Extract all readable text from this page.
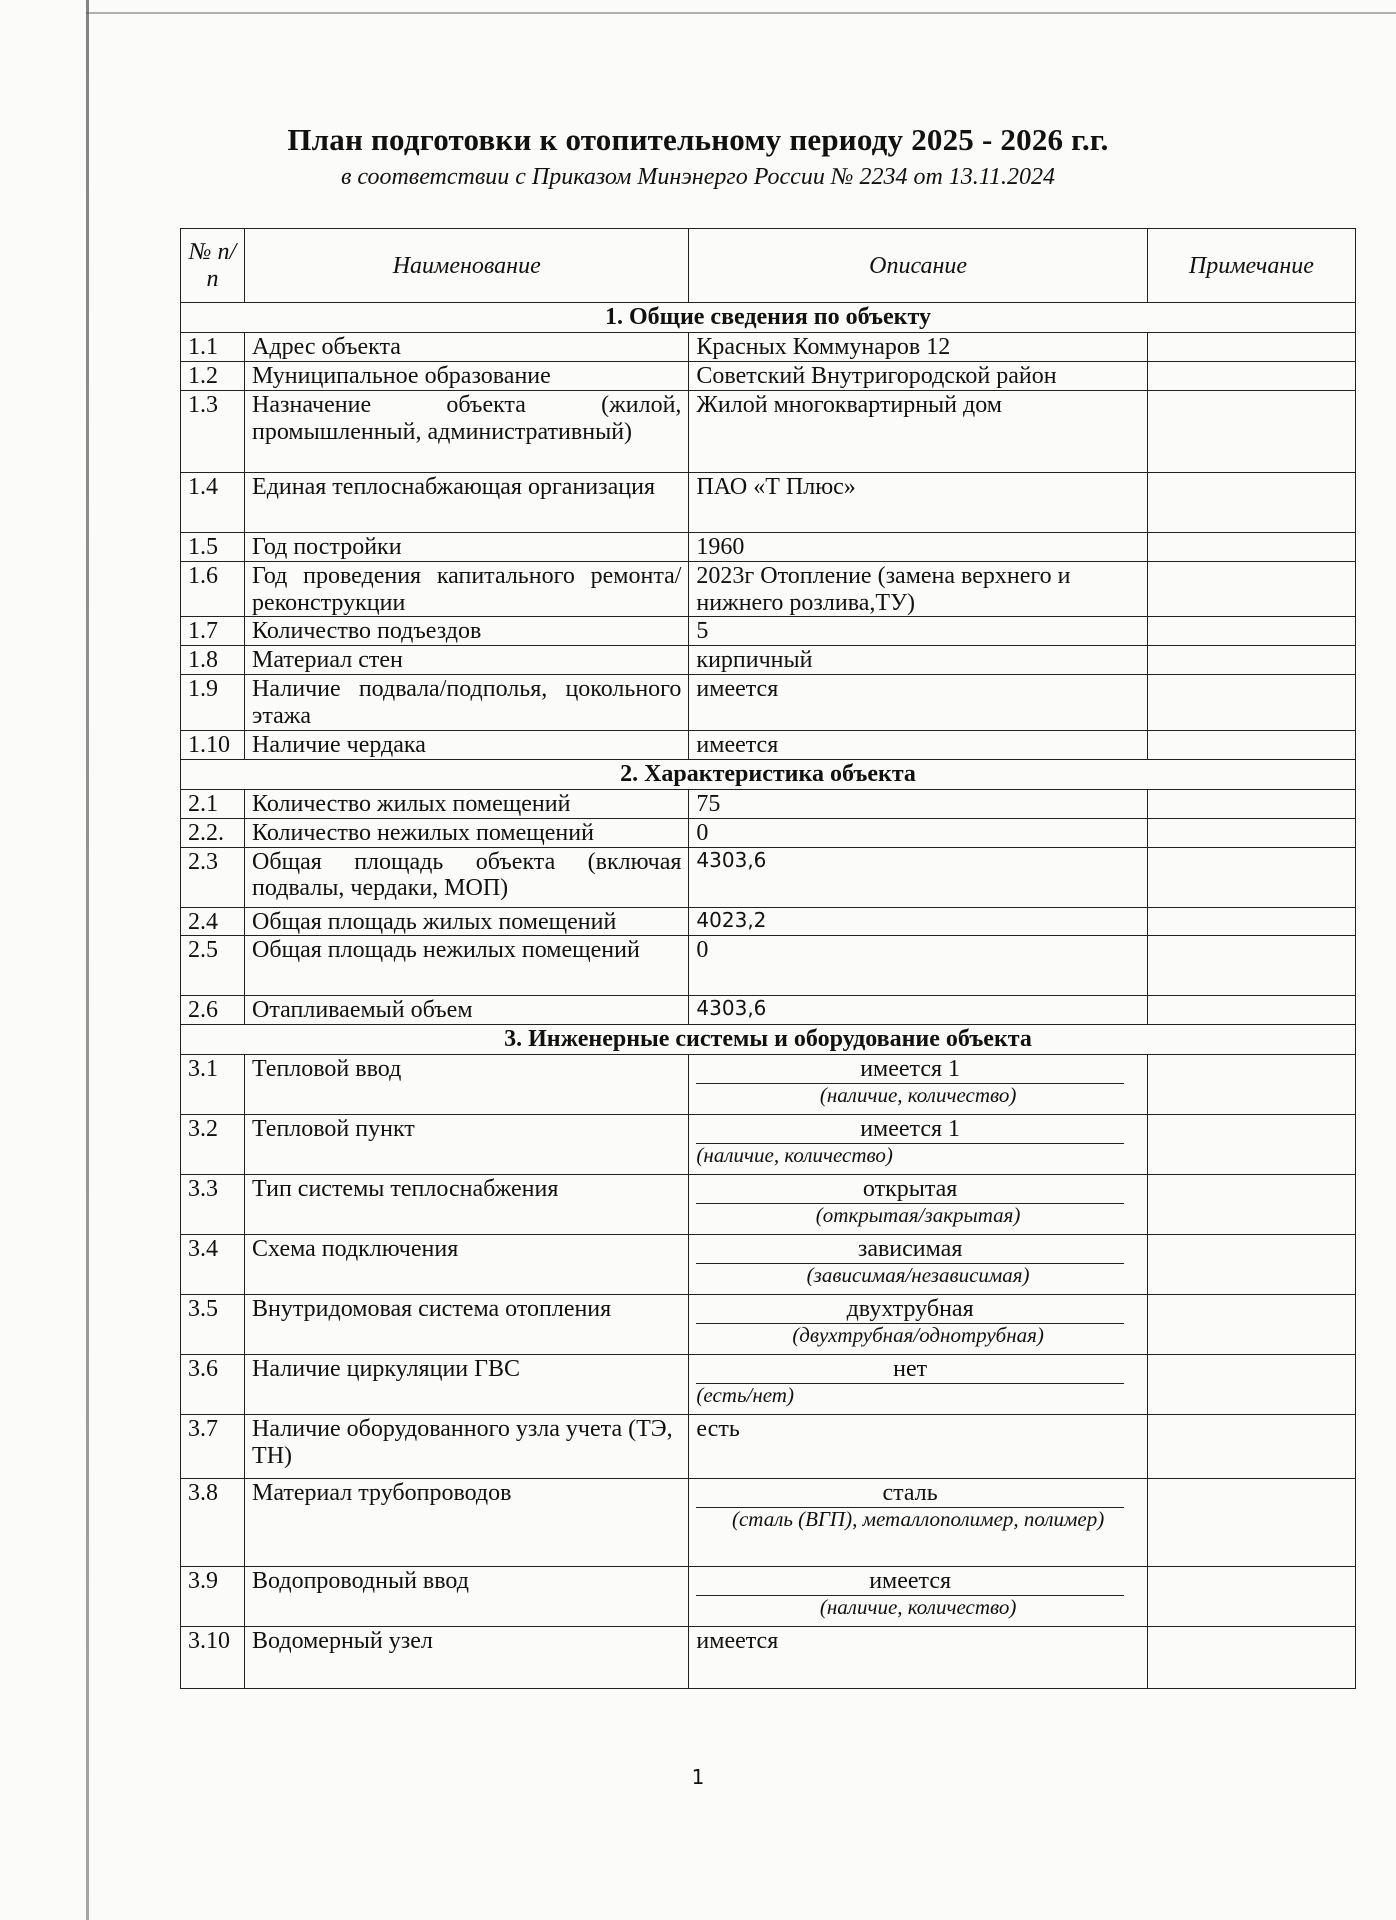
План подготовки к отопительному периоду 2025 - 2026 г.г.
в соответствии с Приказом Минэнерго России № 2234 от 13.11.2024
№ п/п	Наименование	Описание	Примечание
1. Общие сведения по объекту			
1.1	Адрес объекта	Красных Коммунаров 12	
1.2	Муниципальное образование	Советский Внутригородской район	
1.3	Назначение объекта (жилой, промышленный, административный)	Жилой многоквартирный дом	
1.4	Единая теплоснабжающая организация	ПАО «Т Плюс»	
1.5	Год постройки	1960	
1.6	Год проведения капитального ремонта/реконструкции	2023г Отопление (замена верхнего и нижнего розлива,ТУ)	
1.7	Количество подъездов	5	
1.8	Материал стен	кирпичный	
1.9	Наличие подвала/подполья, цокольного этажа	имеется	
1.10	Наличие чердака	имеется	
2. Характеристика объекта			
2.1	Количество жилых помещений	75	
2.2.	Количество нежилых помещений	0	
2.3	Общая площадь объекта (включая подвалы, чердаки, МОП)	4303,6	
2.4	Общая площадь жилых помещений	4023,2	
2.5	Общая площадь нежилых помещений	0	
2.6	Отапливаемый объем	4303,6	
3. Инженерные системы и оборудование объекта			
3.1	Тепловой ввод	имеется 1
(наличие, количество)	

3.2	Тепловой пункт	имеется 1
(наличие, количество)	

3.3	Тип системы теплоснабжения	открытая
(открытая/закрытая)	

3.4	Схема подключения	зависимая
(зависимая/независимая)	

3.5	Внутридомовая система отопления	двухтрубная
(двухтрубная/однотрубная)	

3.6	Наличие циркуляции ГВС	нет
(есть/нет)	

3.7	Наличие оборудованного узла учета (ТЭ, ТН)	есть	
3.8	Материал трубопроводов	сталь
(сталь (ВГП), металлополимер, полимер)	

3.9	Водопроводный ввод	имеется
(наличие, количество)	

3.10	Водомерный узел	имеется	
1
